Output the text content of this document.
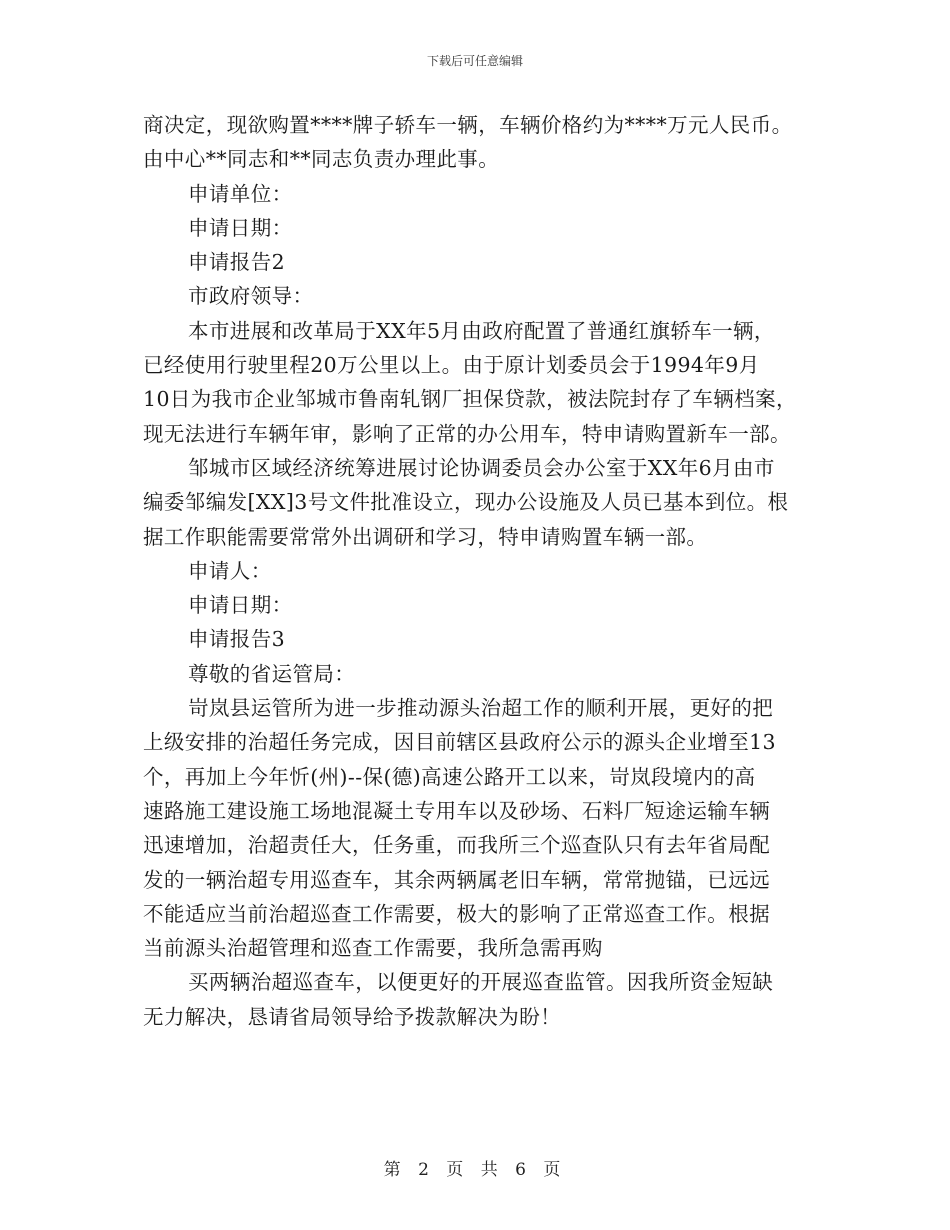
下载后可任意编辑
商决定，现欲购置****牌子轿车一辆，车辆价格约为****万元人民币。
由中心**同志和**同志负责办理此事。
申请单位：
申请日期：
申请报告2
市政府领导：
本市进展和改革局于XX年5月由政府配置了普通红旗轿车一辆，
已经使用行驶里程20万公里以上。由于原计划委员会于1994年9月
10日为我市企业邹城市鲁南轧钢厂担保贷款，被法院封存了车辆档案，
现无法进行车辆年审，影响了正常的办公用车，特申请购置新车一部。
邹城市区域经济统筹进展讨论协调委员会办公室于XX年6月由市
编委邹编发[XX]3号文件批准设立，现办公设施及人员已基本到位。根
据工作职能需要常常外出调研和学习，特申请购置车辆一部。
申请人：
申请日期：
申请报告3
尊敬的省运管局：
岢岚县运管所为进一步推动源头治超工作的顺利开展，更好的把
上级安排的治超任务完成，因目前辖区县政府公示的源头企业增至13
个，再加上今年忻(州)--保(德)高速公路开工以来，岢岚段境内的高
速路施工建设施工场地混凝土专用车以及砂场、石料厂短途运输车辆
迅速增加，治超责任大，任务重，而我所三个巡查队只有去年省局配
发的一辆治超专用巡查车，其余两辆属老旧车辆，常常抛锚，已远远
不能适应当前治超巡查工作需要，极大的影响了正常巡查工作。根据
当前源头治超管理和巡查工作需要，我所急需再购
买两辆治超巡查车，以便更好的开展巡查监管。因我所资金短缺
无力解决，恳请省局领导给予拨款解决为盼！
第 2 页 共 6 页
